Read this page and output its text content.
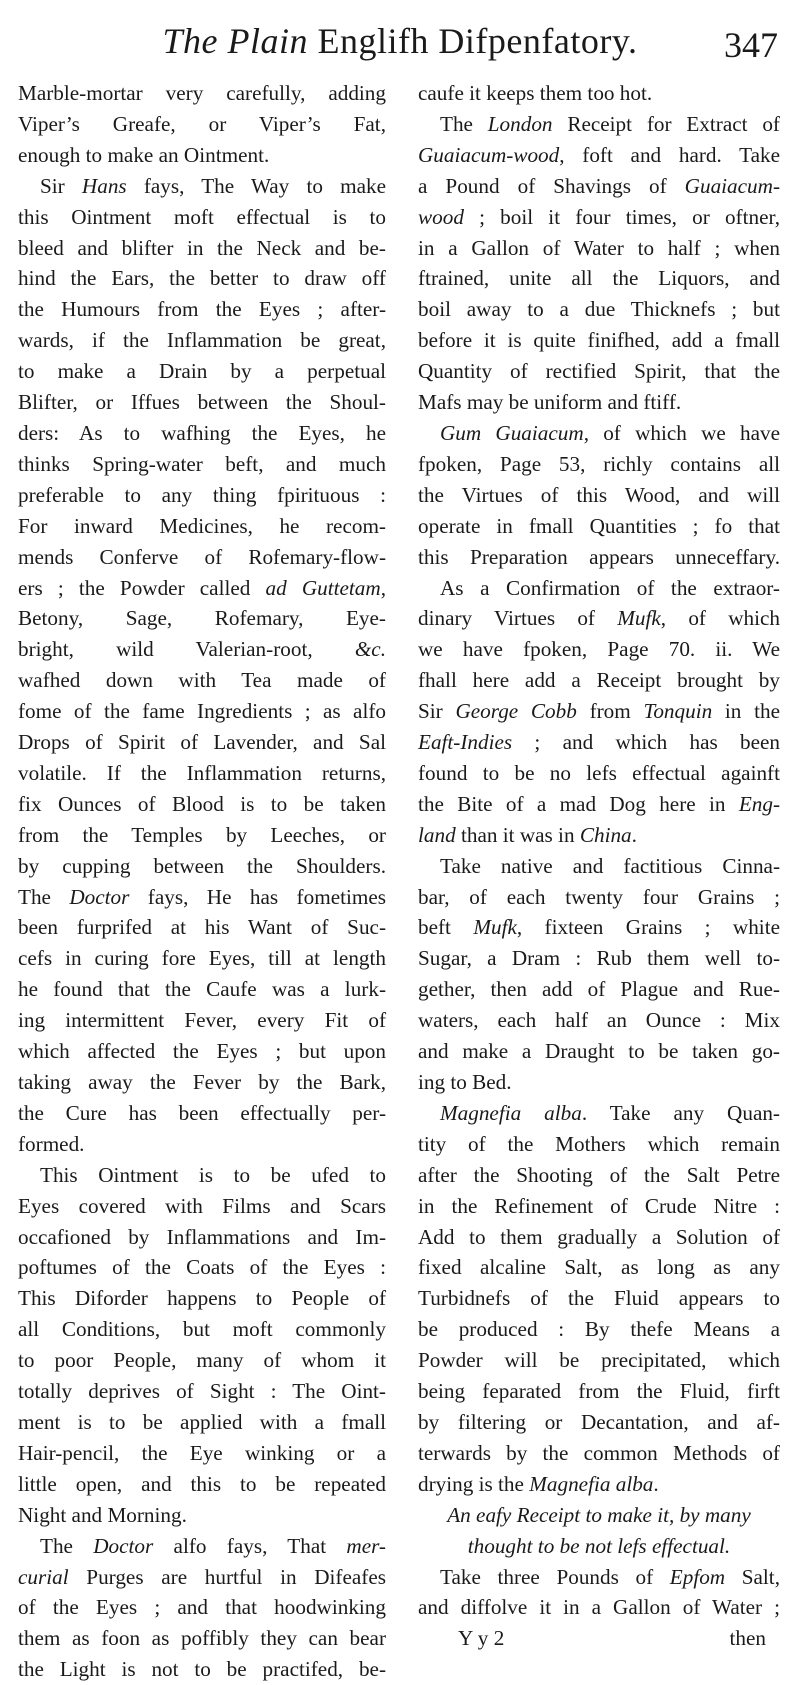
The Plain Englifh Difpenfatory.	347
Marble-mortar very carefully, adding
Viper’s Greafe, or Viper’s Fat,
enough to make an Ointment.
Sir Hans fays, The Way to make
this Ointment moft effectual is to
bleed and blifter in the Neck and be-
hind the Ears, the better to draw off
the Humours from the Eyes ; after-
wards, if the Inflammation be great,
to make a Drain by a perpetual
Blifter, or Iffues between the Shoul-
ders: As to wafhing the Eyes, he
thinks Spring-water beft, and much
preferable to any thing fpirituous :
For inward Medicines, he recom-
mends Conferve of Rofemary-flow-
ers ; the Powder called ad Guttetam,
Betony, Sage, Rofemary, Eye-
bright, wild Valerian-root, &c.
wafhed down with Tea made of
fome of the fame Ingredients ; as alfo
Drops of Spirit of Lavender, and Sal
volatile. If the Inflammation returns,
fix Ounces of Blood is to be taken
from the Temples by Leeches, or
by cupping between the Shoulders.
The Doctor fays, He has fometimes
been furprifed at his Want of Suc-
cefs in curing fore Eyes, till at length
he found that the Caufe was a lurk-
ing intermittent Fever, every Fit of
which affected the Eyes ; but upon
taking away the Fever by the Bark,
the Cure has been effectually per-
formed.
This Ointment is to be ufed to
Eyes covered with Films and Scars
occafioned by Inflammations and Im-
poftumes of the Coats of the Eyes :
This Diforder happens to People of
all Conditions, but moft commonly
to poor People, many of whom it
totally deprives of Sight : The Oint-
ment is to be applied with a fmall
Hair-pencil, the Eye winking or a
little open, and this to be repeated
Night and Morning.
The Doctor alfo fays, That mer-
curial Purges are hurtful in Difeafes
of the Eyes ; and that hoodwinking
them as foon as poffibly they can bear
the Light is not to be practifed, be-
caufe it keeps them too hot.
The London Receipt for Extract of
Guaiacum-wood, foft and hard. Take
a Pound of Shavings of Guaiacum-
wood ; boil it four times, or oftner,
in a Gallon of Water to half ; when
ftrained, unite all the Liquors, and
boil away to a due Thicknefs ; but
before it is quite finifhed, add a fmall
Quantity of rectified Spirit, that the
Mafs may be uniform and ftiff.
Gum Guaiacum, of which we have
fpoken, Page 53, richly contains all
the Virtues of this Wood, and will
operate in fmall Quantities ; fo that
this Preparation appears unneceffary.
As a Confirmation of the extraor-
dinary Virtues of Mufk, of which
we have fpoken, Page 70. ii. We
fhall here add a Receipt brought by
Sir George Cobb from Tonquin in the
Eaft-Indies ; and which has been
found to be no lefs effectual againft
the Bite of a mad Dog here in Eng-
land than it was in China.
Take native and factitious Cinna-
bar, of each twenty four Grains ;
beft Mufk, fixteen Grains ; white
Sugar, a Dram : Rub them well to-
gether, then add of Plague and Rue-
waters, each half an Ounce : Mix
and make a Draught to be taken go-
ing to Bed.
Magnefia alba. Take any Quan-
tity of the Mothers which remain
after the Shooting of the Salt Petre
in the Refinement of Crude Nitre :
Add to them gradually a Solution of
fixed alcaline Salt, as long as any
Turbidnefs of the Fluid appears to
be produced : By thefe Means a
Powder will be precipitated, which
being feparated from the Fluid, firft
by filtering or Decantation, and af-
terwards by the common Methods of
drying is the Magnefia alba.
An eafy Receipt to make it, by many
thought to be not lefs effectual.
Take three Pounds of Epfom Salt,
and diffolve it in a Gallon of Water ;
Y y 2	then
